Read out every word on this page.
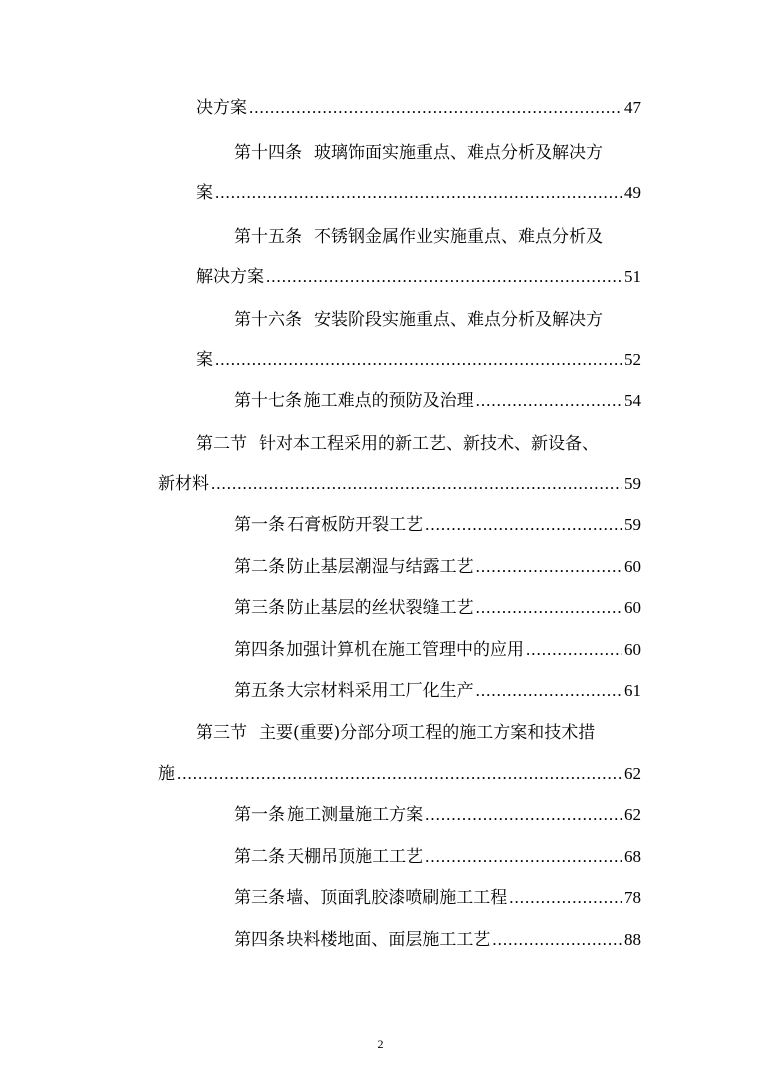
决方案 .....	47
第十四条 玻璃饰面实施重点、难点分析及解决方
案 .....	49
第十五条 不锈钢金属作业实施重点、难点分析及
解决方案 .....	51
第十六条 安装阶段实施重点、难点分析及解决方
案 .....	52
第十七条 施工难点的预防及治理 .....	54
第二节 针对本工程采用的新工艺、新技术、新设备、
新材料 .....	59
第一条 石膏板防开裂工艺 .....	59
第二条 防止基层潮湿与结露工艺 .....	60
第三条 防止基层的丝状裂缝工艺 .....	60
第四条 加强计算机在施工管理中的应用 .....	60
第五条 大宗材料采用工厂化生产 .....	61
第三节 主要(重要)分部分项工程的施工方案和技术措
施 .....	62
第一条 施工测量施工方案 .....	62
第二条 天棚吊顶施工工艺 .....	68
第三条 墙、顶面乳胶漆喷刷施工工程 .....	78
第四条 块料楼地面、面层施工工艺 .....	88
2
